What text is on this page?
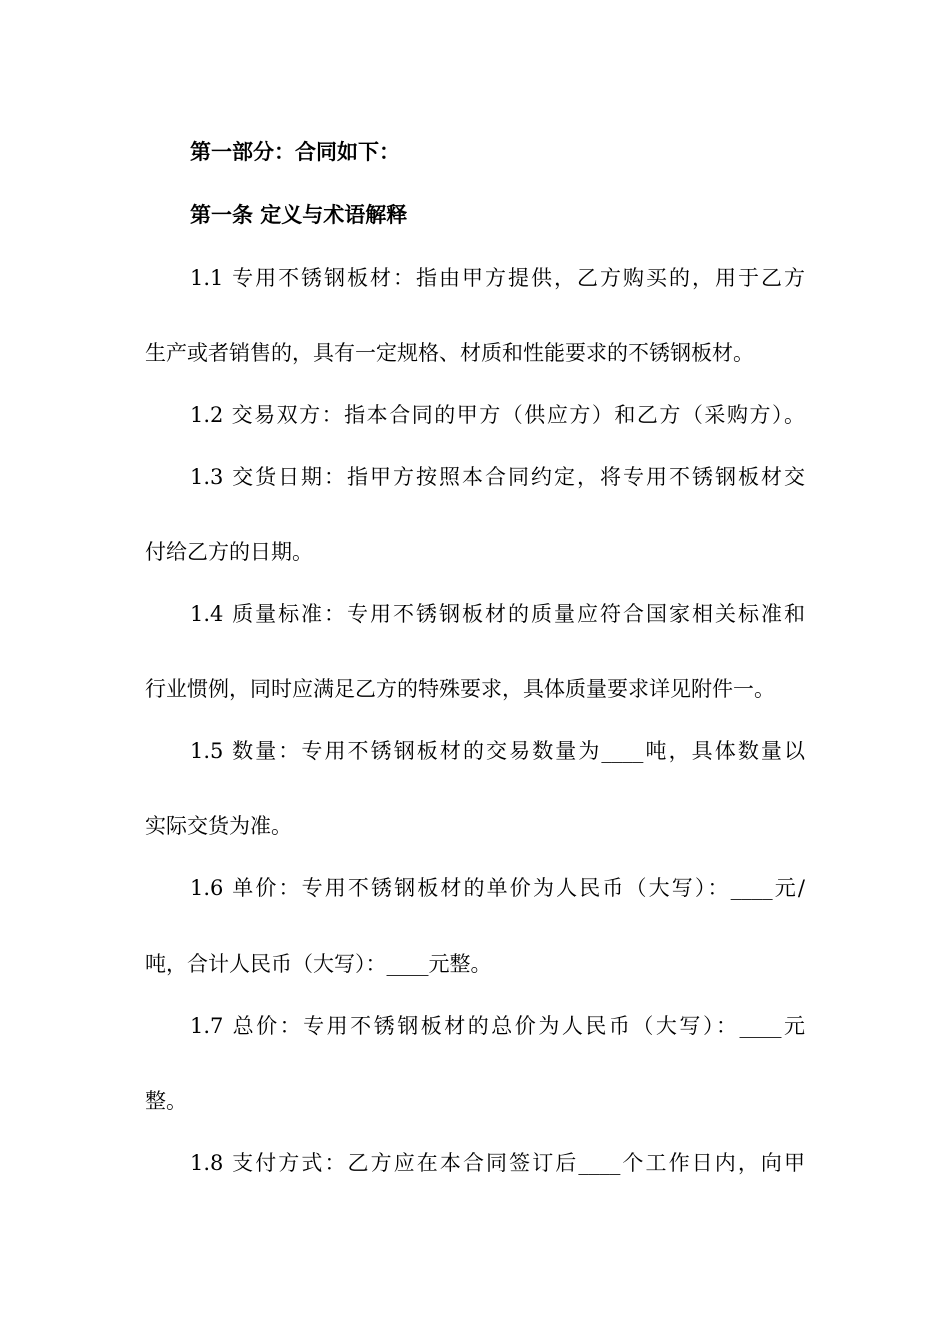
第一部分：合同如下：
第一条 定义与术语解释
1.1 专用不锈钢板材：指由甲方提供，乙方购买的，用于乙方
生产或者销售的，具有一定规格、材质和性能要求的不锈钢板材。
1.2 交易双方：指本合同的甲方（供应方）和乙方（采购方）。
1.3 交货日期：指甲方按照本合同约定，将专用不锈钢板材交
付给乙方的日期。
1.4 质量标准：专用不锈钢板材的质量应符合国家相关标准和
行业惯例，同时应满足乙方的特殊要求，具体质量要求详见附件一。
1.5 数量：专用不锈钢板材的交易数量为____吨，具体数量以
实际交货为准。
1.6 单价：专用不锈钢板材的单价为人民币（大写）：____元/
吨，合计人民币（大写）：____元整。
1.7 总价：专用不锈钢板材的总价为人民币（大写）：____元
整。
1.8 支付方式：乙方应在本合同签订后____个工作日内，向甲
